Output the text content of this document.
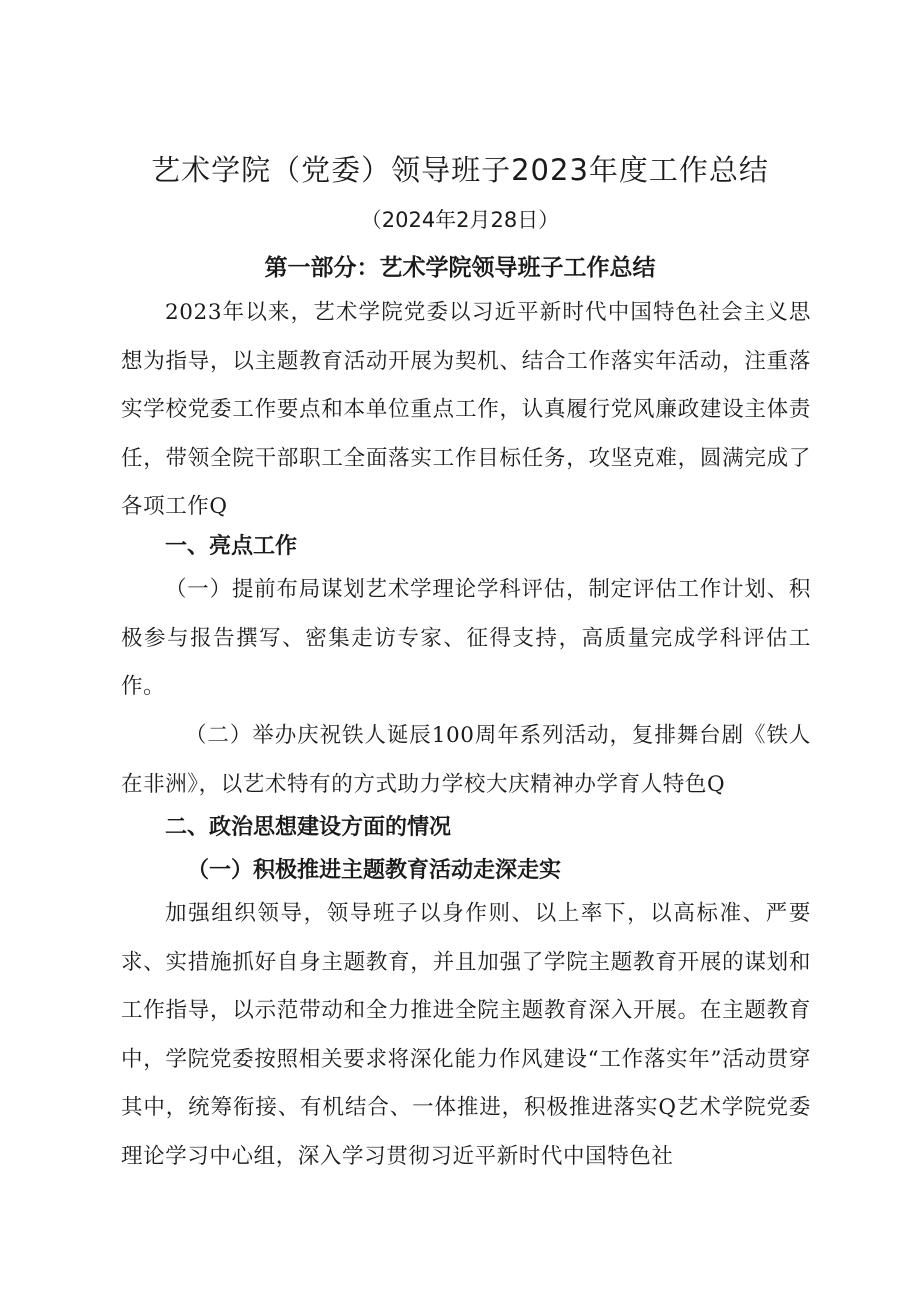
艺术学院（党委）领导班子2023年度工作总结
（2024年2月28日）
第一部分：艺术学院领导班子工作总结

2023年以来，艺术学院党委以习近平新时代中国特色社会主义思想为指导，以主题教育活动开展为契机、结合工作落实年活动，注重落实学校党委工作要点和本单位重点工作，认真履行党风廉政建设主体责任，带领全院干部职工全面落实工作目标任务，攻坚克难，圆满完成了各项工作Q

一、亮点工作

（一）提前布局谋划艺术学理论学科评估，制定评估工作计划、积极参与报告撰写、密集走访专家、征得支持，高质量完成学科评估工作。

（二）举办庆祝铁人诞辰100周年系列活动，复排舞台剧《铁人在非洲》，以艺术特有的方式助力学校大庆精神办学育人特色Q

二、政治思想建设方面的情况
（一）积极推进主题教育活动走深走实

加强组织领导，领导班子以身作则、以上率下，以高标准、严要求、实措施抓好自身主题教育，并且加强了学院主题教育开展的谋划和工作指导，以示范带动和全力推进全院主题教育深入开展。在主题教育中，学院党委按照相关要求将深化能力作风建设“工作落实年”活动贯穿其中，统筹衔接、有机结合、一体推进，积极推进落实Q艺术学院党委理论学习中心组，深入学习贯彻习近平新时代中国特色社
